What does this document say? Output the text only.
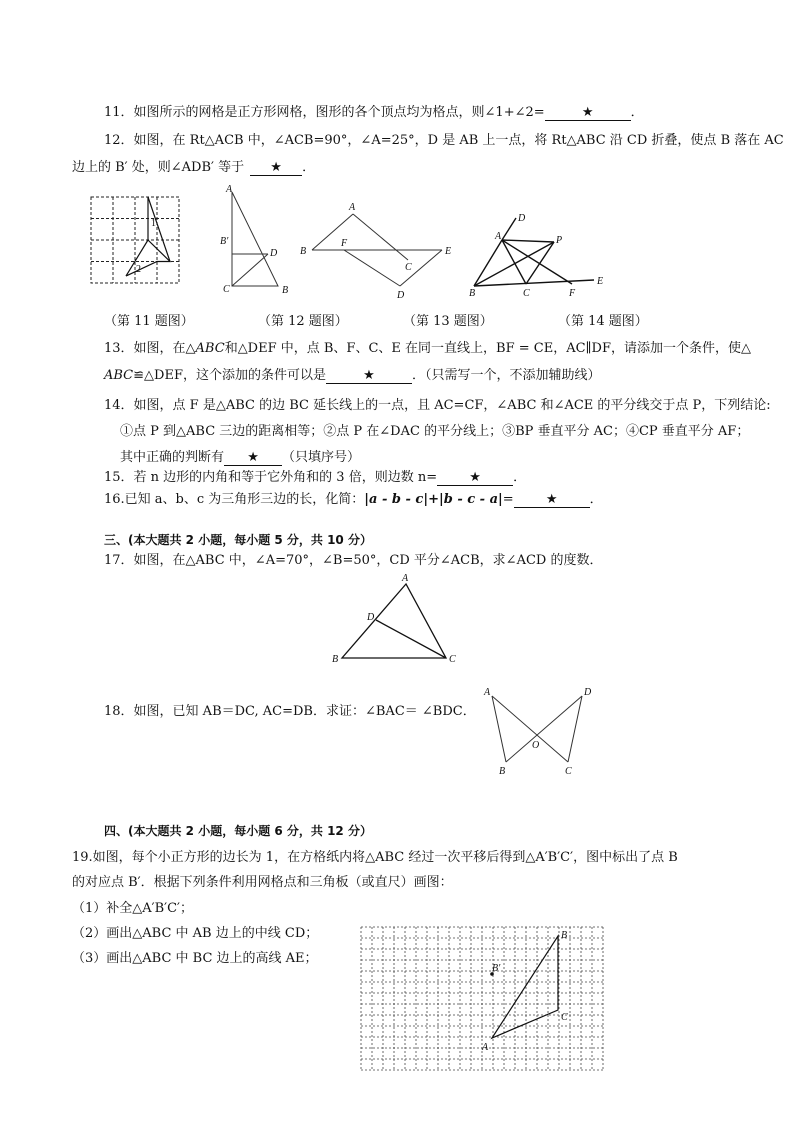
11．如图所示的网格是正方形网格，图形的各个顶点均为格点，则∠1+∠2=	★	．
12．如图，在 Rt△ACB 中，∠ACB=90°，∠A=25°，D 是 AB 上一点，将 Rt△ABC 沿 CD 折叠，使点 B 落在 AC
边上的 B′ 处，则∠ADB′ 等于 ★ ．
1
2
A
B′
D
C	B
A
B
F
C
E
D
D
A	P
E
B	C	F
（第 11 题图）	（第 12 题图）	（第 13 题图）	（第 14 题图）
13．如图，在△ABC和△DEF 中，点 B、F、C、E 在同一直线上，BF = CE，AC∥DF，请添加一个条件，使△
ABC≌△DEF，这个添加的条件可以是	★	．（只需写一个，不添加辅助线）
14．如图，点 F 是△ABC 的边 BC 延长线上的一点，且 AC=CF，∠ABC 和∠ACE 的平分线交于点 P，下列结论:
①点 P 到△ABC 三边的距离相等；②点 P 在∠DAC 的平分线上；③BP 垂直平分 AC；④CP 垂直平分 AF；
其中正确的判断有 ★ （只填序号）
15．若 n 边形的内角和等于它外角和的 3 倍，则边数 n= ★ ．
16.已知 a、b、c 为三角形三边的长，化简：|a - b - c|+|b - c - a|= ★ ．
三、(本大题共 2 小题，每小题 5 分，共 10 分）
17．如图，在△ABC 中，∠A=70°，∠B=50°，CD 平分∠ACB，求∠ACD 的度数．
A
D
B	C
18．如图，已知 AB＝DC, AC=DB．求证：∠BAC＝ ∠BDC．
A	D
O
B	C
四、(本大题共 2 小题，每小题 6 分，共 12 分）
19.如图，每个小正方形的边长为 1，在方格纸内将△ABC 经过一次平移后得到△A′B′C′，图中标出了点 B
的对应点 B′．根据下列条件利用网格点和三角板（或直尺）画图：
（1）补全△A′B′C′；
（2）画出△ABC 中 AB 边上的中线 CD；
（3）画出△ABC 中 BC 边上的高线 AE；
B
B′
C
A
